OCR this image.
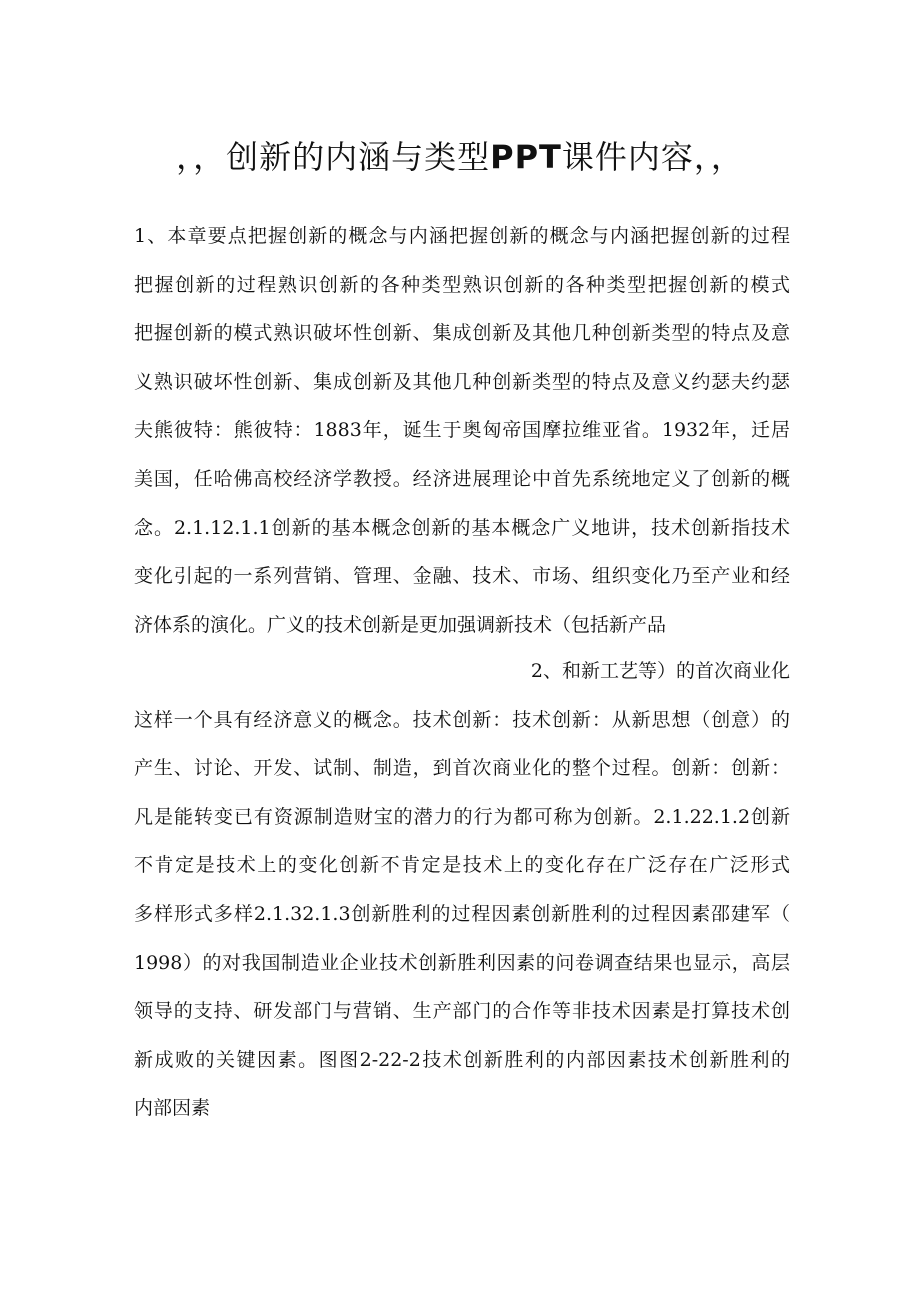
，，创新的内涵与类型PPT课件内容，，
1、本章要点把握创新的概念与内涵把握创新的概念与内涵把握创新的过程
把握创新的过程熟识创新的各种类型熟识创新的各种类型把握创新的模式
把握创新的模式熟识破坏性创新、集成创新及其他几种创新类型的特点及意
义熟识破坏性创新、集成创新及其他几种创新类型的特点及意义约瑟夫约瑟
夫熊彼特：熊彼特：1883年，诞生于奥匈帝国摩拉维亚省。1932年，迁居
美国，任哈佛高校经济学教授。经济进展理论中首先系统地定义了创新的概
念。2.1.12.1.1创新的基本概念创新的基本概念广义地讲，技术创新指技术
变化引起的一系列营销、管理、金融、技术、市场、组织变化乃至产业和经
济体系的演化。广义的技术创新是更加强调新技术（包括新产品
2、和新工艺等）的首次商业化
这样一个具有经济意义的概念。技术创新：技术创新：从新思想（创意）的
产生、讨论、开发、试制、制造，到首次商业化的整个过程。创新：创新：
凡是能转变已有资源制造财宝的潜力的行为都可称为创新。2.1.22.1.2创新
不肯定是技术上的变化创新不肯定是技术上的变化存在广泛存在广泛形式
多样形式多样2.1.32.1.3创新胜利的过程因素创新胜利的过程因素邵建军（
1998）的对我国制造业企业技术创新胜利因素的问卷调查结果也显示，高层
领导的支持、研发部门与营销、生产部门的合作等非技术因素是打算技术创
新成败的关键因素。图图2-22-2技术创新胜利的内部因素技术创新胜利的
内部因素
